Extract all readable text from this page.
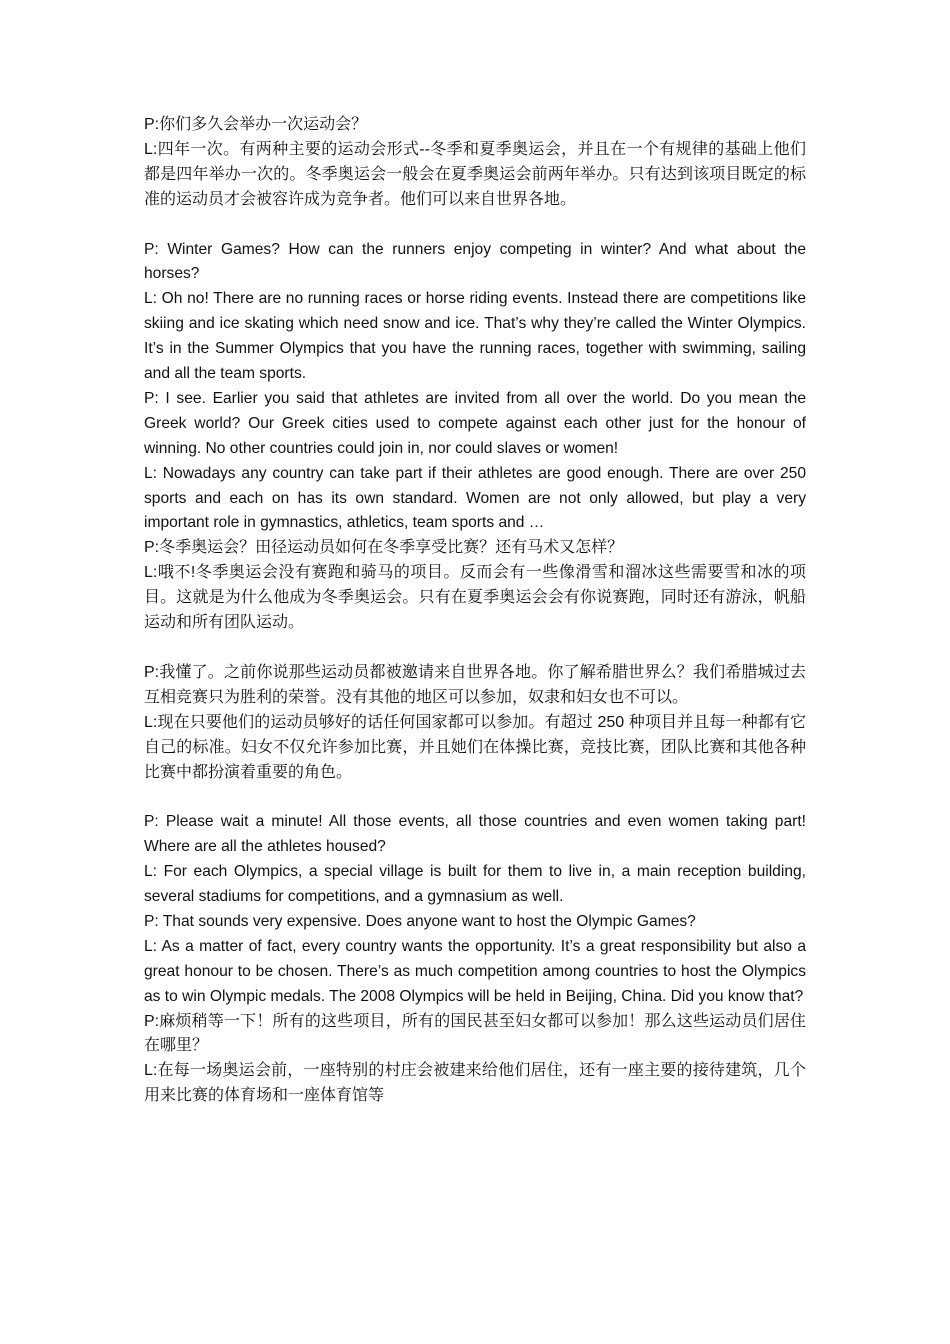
P:你们多久会举办一次运动会？

L:四年一次。有两种主要的运动会形式--冬季和夏季奥运会，并且在一个有规律的基础上他们都是四年举办一次的。冬季奥运会一般会在夏季奥运会前两年举办。只有达到该项目既定的标准的运动员才会被容许成为竞争者。他们可以来自世界各地。

P: Winter Games? How can the runners enjoy competing in winter? And what about the horses?

L: Oh no! There are no running races or horse riding events. Instead there are competitions like skiing and ice skating which need snow and ice. That’s why they’re called the Winter Olympics. It’s in the Summer Olympics that you have the running races, together with swimming, sailing and all the team sports.

P: I see. Earlier you said that athletes are invited from all over the world. Do you mean the Greek world? Our Greek cities used to compete against each other just for the honour of winning. No other countries could join in, nor could slaves or women!

L: Nowadays any country can take part if their athletes are good enough. There are over 250 sports and each on has its own standard. Women are not only allowed, but play a very important role in gymnastics, athletics, team sports and …

P:冬季奥运会？田径运动员如何在冬季享受比赛？还有马术又怎样？

L:哦不!冬季奥运会没有赛跑和骑马的项目。反而会有一些像滑雪和溜冰这些需要雪和冰的项目。这就是为什么他成为冬季奥运会。只有在夏季奥运会会有你说赛跑，同时还有游泳，帆船运动和所有团队运动。

P:我懂了。之前你说那些运动员都被邀请来自世界各地。你了解希腊世界么？我们希腊城过去互相竞赛只为胜利的荣誉。没有其他的地区可以参加，奴隶和妇女也不可以。

L:现在只要他们的运动员够好的话任何国家都可以参加。有超过 250 种项目并且每一种都有它自己的标准。妇女不仅允许参加比赛，并且她们在体操比赛，竞技比赛，团队比赛和其他各种比赛中都扮演着重要的角色。

P: Please wait a minute! All those events, all those countries and even women taking part! Where are all the athletes housed?

L: For each Olympics, a special village is built for them to live in, a main reception building, several stadiums for competitions, and a gymnasium as well.

P: That sounds very expensive. Does anyone want to host the Olympic Games?

L: As a matter of fact, every country wants the opportunity. It’s a great responsibility but also a great honour to be chosen. There’s as much competition among countries to host the Olympics as to win Olympic medals. The 2008 Olympics will be held in Beijing, China. Did you know that?

P:麻烦稍等一下！所有的这些项目，所有的国民甚至妇女都可以参加！那么这些运动员们居住在哪里？

L:在每一场奥运会前，一座特别的村庄会被建来给他们居住，还有一座主要的接待建筑，几个用来比赛的体育场和一座体育馆等
